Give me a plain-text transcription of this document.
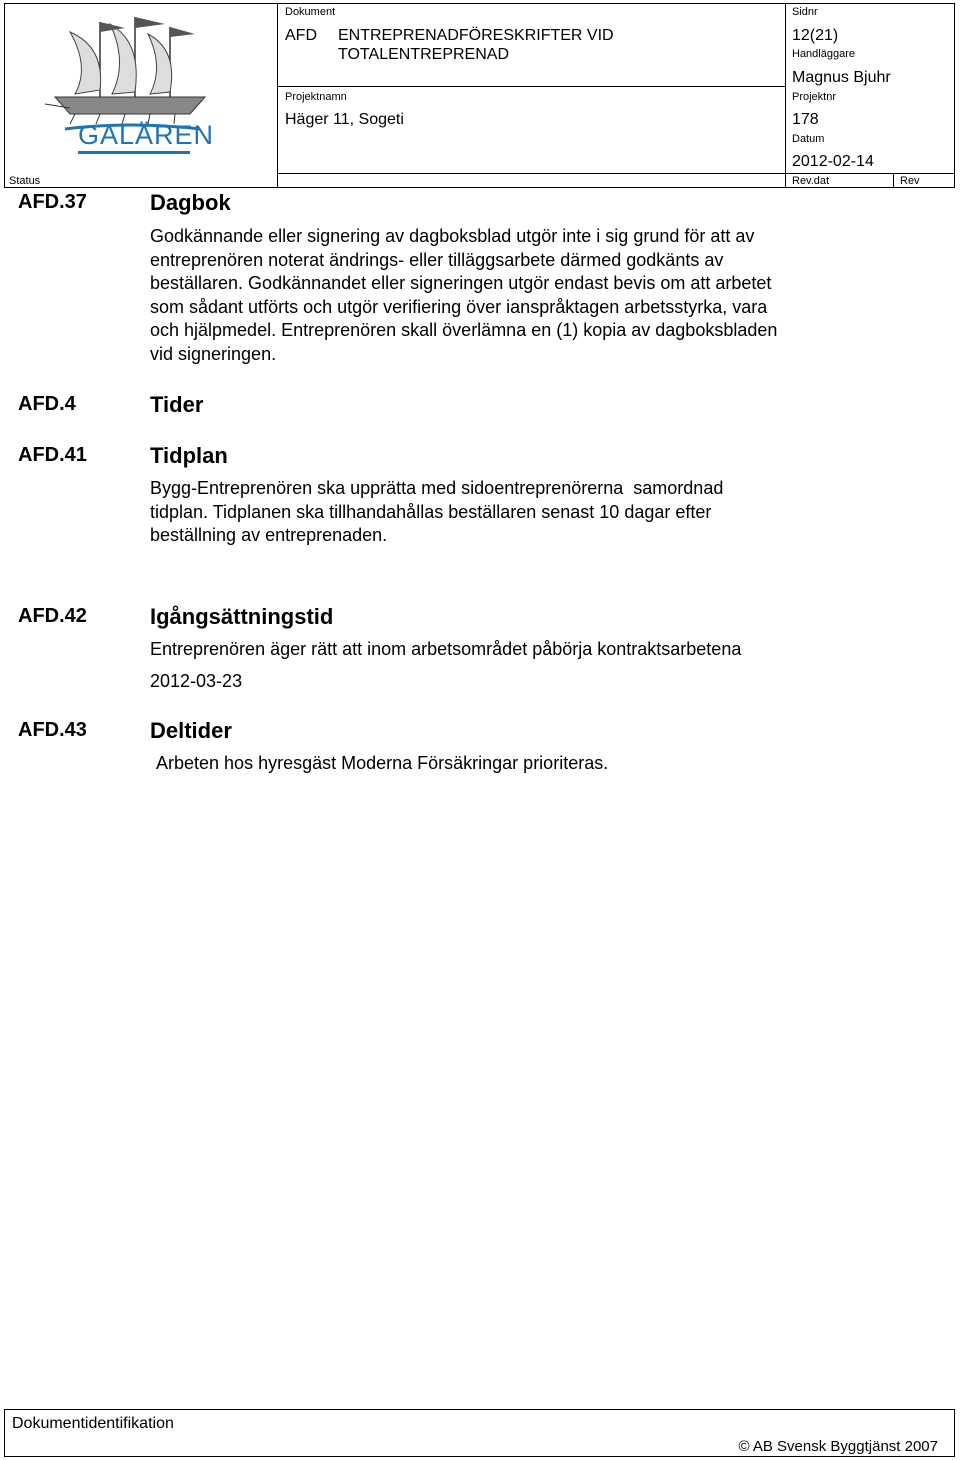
GALÄREN
Dokument
AFD ENTREPRENADFÖRESKRIFTER VID
TOTALENTREPRENAD
Sidnr
12(21)
Handläggare
Magnus Bjuhr
Projektnamn
Häger 11, Sogeti
Projektnr
178
Datum
2012-02-14
Status	Rev.dat	Rev
AFD.37	Dagbok
Godkännande eller signering av dagboksblad utgör inte i sig grund för att av
entreprenören noterat ändrings- eller tilläggsarbete därmed godkänts av
beställaren. Godkännandet eller signeringen utgör endast bevis om att arbetet
som sådant utförts och utgör verifiering över ianspråktagen arbetsstyrka, vara
och hjälpmedel. Entreprenören skall överlämna en (1) kopia av dagboksbladen
vid signeringen.
AFD.4	Tider
AFD.41	Tidplan
Bygg-Entreprenören ska upprätta med sidoentreprenörerna  samordnad
tidplan. Tidplanen ska tillhandahållas beställaren senast 10 dagar efter
beställning av entreprenaden.
AFD.42	Igångsättningstid
Entreprenören äger rätt att inom arbetsområdet påbörja kontraktsarbetena
2012-03-23
AFD.43	Deltider
Arbeten hos hyresgäst Moderna Försäkringar prioriteras.
Dokumentidentifikation
© AB Svensk Byggtjänst 2007
